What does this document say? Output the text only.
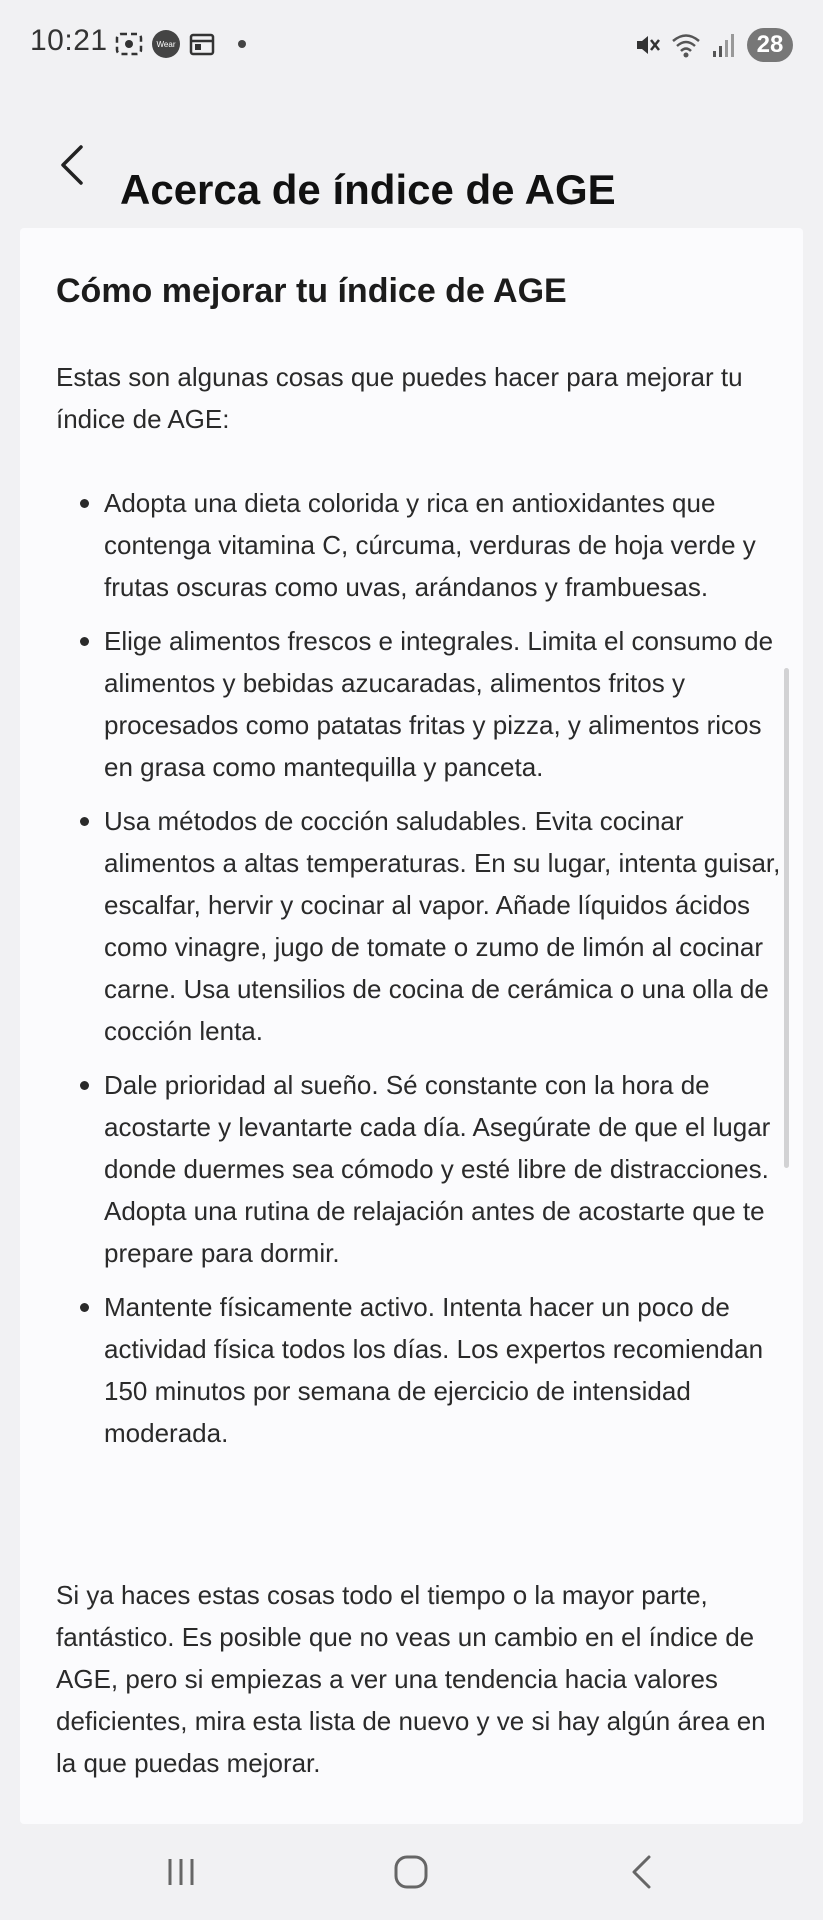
10:21	Wear	28
Acerca de índice de AGE
Cómo mejorar tu índice de AGE

Estas son algunas cosas que puedes hacer para mejorar tu índice de AGE:

Adopta una dieta colorida y rica en antioxidantes que contenga vitamina C, cúrcuma, verduras de hoja verde y frutas oscuras como uvas, arándanos y frambuesas.
Elige alimentos frescos e integrales. Limita el consumo de alimentos y bebidas azucaradas, alimentos fritos y procesados como patatas fritas y pizza, y alimentos ricos en grasa como mantequilla y panceta.
Usa métodos de cocción saludables. Evita cocinar alimentos a altas temperaturas. En su lugar, intenta guisar, escalfar, hervir y cocinar al vapor. Añade líquidos ácidos como vinagre, jugo de tomate o zumo de limón al cocinar carne. Usa utensilios de cocina de cerámica o una olla de cocción lenta.
Dale prioridad al sueño. Sé constante con la hora de acostarte y levantarte cada día. Asegúrate de que el lugar donde duermes sea cómodo y esté libre de distracciones. Adopta una rutina de relajación antes de acostarte que te prepare para dormir.
Mantente físicamente activo. Intenta hacer un poco de actividad física todos los días. Los expertos recomiendan 150 minutos por semana de ejercicio de intensidad moderada.

Si ya haces estas cosas todo el tiempo o la mayor parte, fantástico. Es posible que no veas un cambio en el índice de AGE, pero si empiezas a ver una tendencia hacia valores deficientes, mira esta lista de nuevo y ve si hay algún área en la que puedas mejorar.
